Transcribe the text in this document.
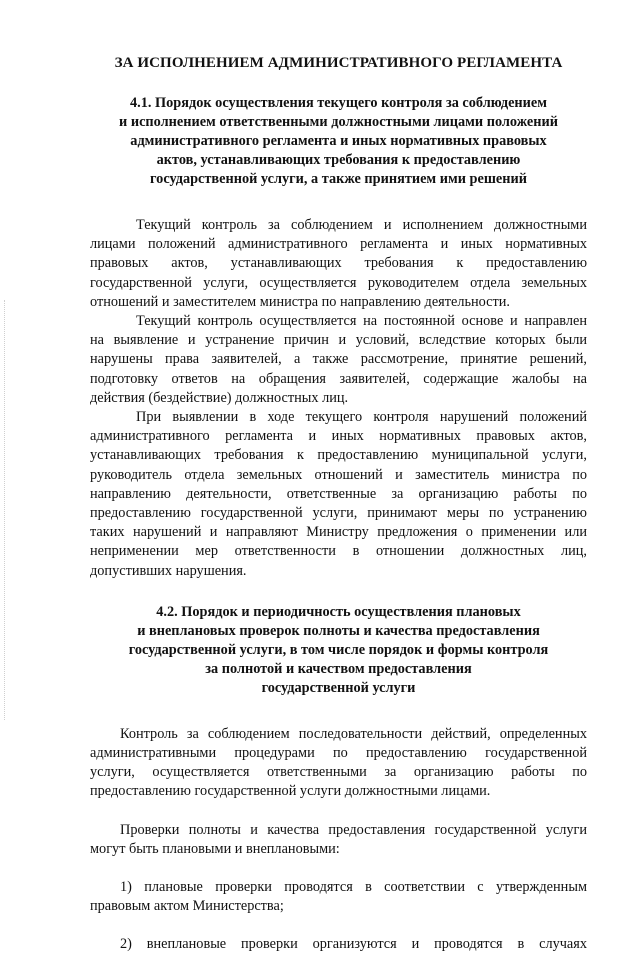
ЗА ИСПОЛНЕНИЕМ АДМИНИСТРАТИВНОГО РЕГЛАМЕНТА
4.1. Порядок осуществления текущего контроля за соблюдением
и исполнением ответственными должностными лицами положений
административного регламента и иных нормативных правовых
актов, устанавливающих требования к предоставлению
государственной услуги, а также принятием ими решений
Текущий контроль за соблюдением и исполнением должностными
лицами положений административного регламента и иных нормативных
правовых актов, устанавливающих требования к предоставлению
государственной услуги, осуществляется руководителем отдела земельных
отношений и заместителем министра по направлению деятельности.
Текущий контроль осуществляется на постоянной основе и направлен
на выявление и устранение причин и условий, вследствие которых были
нарушены права заявителей, а также рассмотрение, принятие решений,
подготовку ответов на обращения заявителей, содержащие жалобы на
действия (бездействие) должностных лиц.
При выявлении в ходе текущего контроля нарушений положений
административного регламента и иных нормативных правовых актов,
устанавливающих требования к предоставлению муниципальной услуги,
руководитель отдела земельных отношений и заместитель министра по
направлению деятельности, ответственные за организацию работы по
предоставлению государственной услуги, принимают меры по устранению
таких нарушений и направляют Министру предложения о применении или
неприменении мер ответственности в отношении должностных лиц,
допустивших нарушения.
4.2. Порядок и периодичность осуществления плановых
и внеплановых проверок полноты и качества предоставления
государственной услуги, в том числе порядок и формы контроля
за полнотой и качеством предоставления
государственной услуги
Контроль за соблюдением последовательности действий, определенных
административными процедурами по предоставлению государственной
услуги, осуществляется ответственными за организацию работы по
предоставлению государственной услуги должностными лицами.
Проверки полноты и качества предоставления государственной услуги
могут быть плановыми и внеплановыми:
1) плановые проверки проводятся в соответствии с утвержденным
правовым актом Министерства;
2) внеплановые проверки организуются и проводятся в случаях
